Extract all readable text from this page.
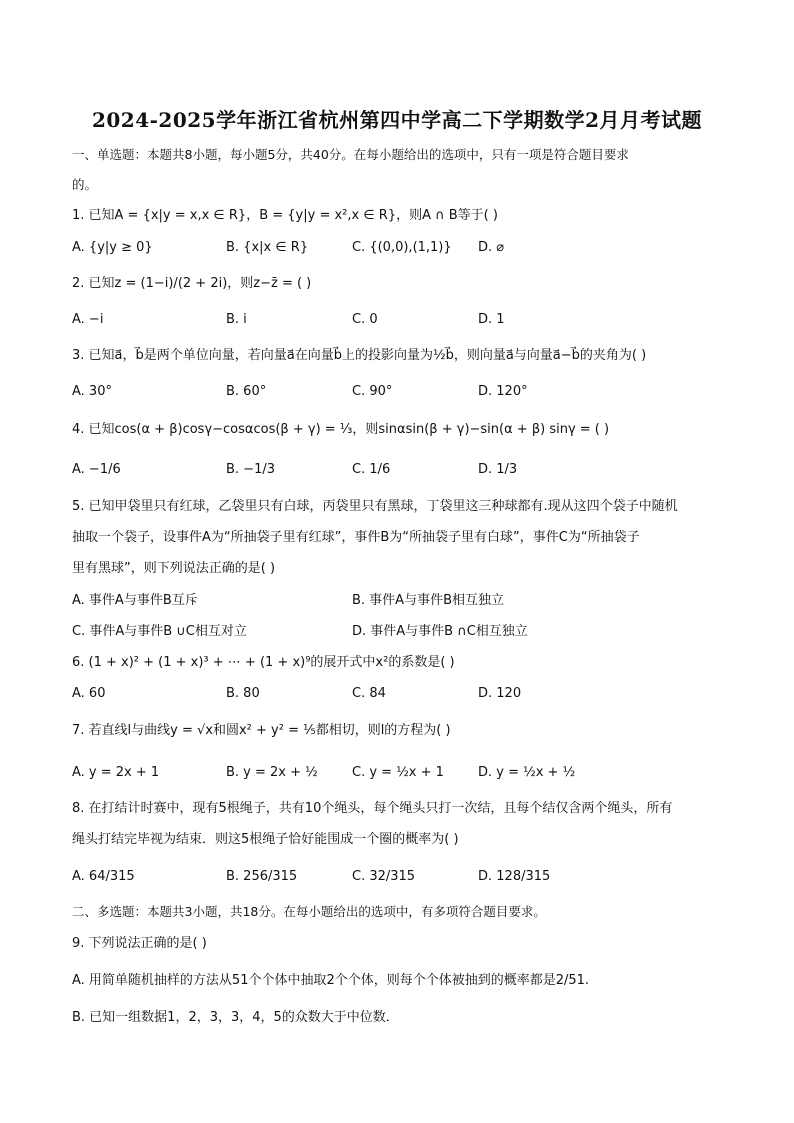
2024-2025学年浙江省杭州第四中学高二下学期数学2月月考试题
一、单选题：本题共8小题，每小题5分，共40分。在每小题给出的选项中，只有一项是符合题目要求
的。
1. 已知A = {x|y = x,x ∈ R}，B = {y|y = x²,x ∈ R}，则A ∩ B等于( )
A. {y|y ≥ 0}	B. {x|x ∈ R}	C. {(0,0),(1,1)} D. ⌀
2. 已知z = (1−i)/(2 + 2i)，则z−z̄ = ( )
A. −i	B. i	C. 0	D. 1
3. 已知a⃗，b⃗是两个单位向量，若向量a⃗在向量b⃗上的投影向量为½b⃗，则向量a⃗与向量a⃗−b⃗的夹角为( )
A. 30°	B. 60°	C. 90°	D. 120°
4. 已知cos(α + β)cosγ−cosαcos(β + γ) = ⅓，则sinαsin(β + γ)−sin(α + β) sinγ = ( )
A. −1/6	B. −1/3	C. 1/6	D. 1/3
5. 已知甲袋里只有红球，乙袋里只有白球，丙袋里只有黑球，丁袋里这三种球都有.现从这四个袋子中随机
抽取一个袋子，设事件A为“所抽袋子里有红球”，事件B为“所抽袋子里有白球”，事件C为“所抽袋子
里有黑球”，则下列说法正确的是( )
A. 事件A与事件B互斥	B. 事件A与事件B相互独立
C. 事件A与事件B ∪C相互对立	D. 事件A与事件B ∩C相互独立
6. (1 + x)² + (1 + x)³ + ⋯ + (1 + x)⁹的展开式中x²的系数是( )
A. 60	B. 80	C. 84	D. 120
7. 若直线l与曲线y = √x和圆x² + y² = ⅕都相切，则l的方程为( )
A. y = 2x + 1	B. y = 2x + ½	C. y = ½x + 1	D. y = ½x + ½
8. 在打结计时赛中，现有5根绳子，共有10个绳头，每个绳头只打一次结，且每个结仅含两个绳头，所有
绳头打结完毕视为结束．则这5根绳子恰好能围成一个圈的概率为( )
A. 64/315	B. 256/315	C. 32/315	D. 128/315
二、多选题：本题共3小题，共18分。在每小题给出的选项中，有多项符合题目要求。
9. 下列说法正确的是( )
A. 用简单随机抽样的方法从51个个体中抽取2个个体，则每个个体被抽到的概率都是2/51.
B. 已知一组数据1，2，3，3，4，5的众数大于中位数．
